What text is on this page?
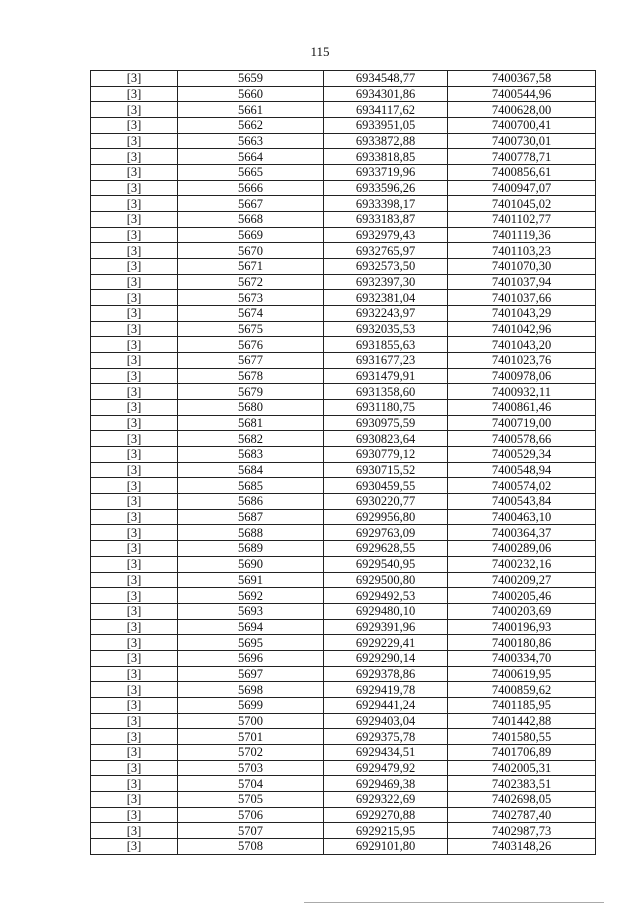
115
[3]	5659	6934548,77	7400367,58
[3]	5660	6934301,86	7400544,96
[3]	5661	6934117,62	7400628,00
[3]	5662	6933951,05	7400700,41
[3]	5663	6933872,88	7400730,01
[3]	5664	6933818,85	7400778,71
[3]	5665	6933719,96	7400856,61
[3]	5666	6933596,26	7400947,07
[3]	5667	6933398,17	7401045,02
[3]	5668	6933183,87	7401102,77
[3]	5669	6932979,43	7401119,36
[3]	5670	6932765,97	7401103,23
[3]	5671	6932573,50	7401070,30
[3]	5672	6932397,30	7401037,94
[3]	5673	6932381,04	7401037,66
[3]	5674	6932243,97	7401043,29
[3]	5675	6932035,53	7401042,96
[3]	5676	6931855,63	7401043,20
[3]	5677	6931677,23	7401023,76
[3]	5678	6931479,91	7400978,06
[3]	5679	6931358,60	7400932,11
[3]	5680	6931180,75	7400861,46
[3]	5681	6930975,59	7400719,00
[3]	5682	6930823,64	7400578,66
[3]	5683	6930779,12	7400529,34
[3]	5684	6930715,52	7400548,94
[3]	5685	6930459,55	7400574,02
[3]	5686	6930220,77	7400543,84
[3]	5687	6929956,80	7400463,10
[3]	5688	6929763,09	7400364,37
[3]	5689	6929628,55	7400289,06
[3]	5690	6929540,95	7400232,16
[3]	5691	6929500,80	7400209,27
[3]	5692	6929492,53	7400205,46
[3]	5693	6929480,10	7400203,69
[3]	5694	6929391,96	7400196,93
[3]	5695	6929229,41	7400180,86
[3]	5696	6929290,14	7400334,70
[3]	5697	6929378,86	7400619,95
[3]	5698	6929419,78	7400859,62
[3]	5699	6929441,24	7401185,95
[3]	5700	6929403,04	7401442,88
[3]	5701	6929375,78	7401580,55
[3]	5702	6929434,51	7401706,89
[3]	5703	6929479,92	7402005,31
[3]	5704	6929469,38	7402383,51
[3]	5705	6929322,69	7402698,05
[3]	5706	6929270,88	7402787,40
[3]	5707	6929215,95	7402987,73
[3]	5708	6929101,80	7403148,26
